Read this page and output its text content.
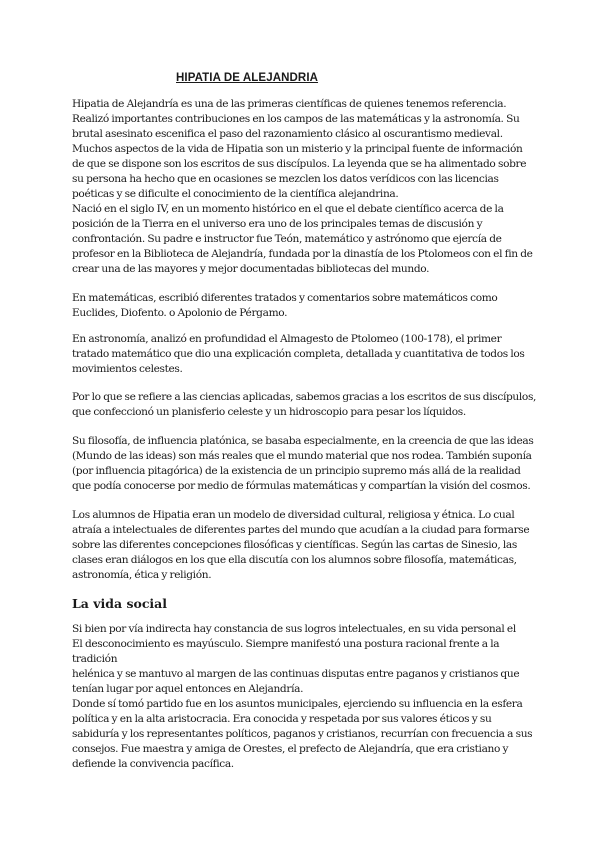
HIPATIA DE ALEJANDRIA
Hipatia de Alejandría es una de las primeras científicas de quienes tenemos referencia.
Realizó importantes contribuciones en los campos de las matemáticas y la astronomía. Su
brutal asesinato escenifica el paso del razonamiento clásico al oscurantismo medieval.
Muchos aspectos de la vida de Hipatia son un misterio y la principal fuente de información
de que se dispone son los escritos de sus discípulos. La leyenda que se ha alimentado sobre
su persona ha hecho que en ocasiones se mezclen los datos verídicos con las licencias
poéticas y se dificulte el conocimiento de la científica alejandrina.
Nació en el siglo IV, en un momento histórico en el que el debate científico acerca de la
posición de la Tierra en el universo era uno de los principales temas de discusión y
confrontación. Su padre e instructor fue Teón, matemático y astrónomo que ejercía de
profesor en la Biblioteca de Alejandría, fundada por la dinastía de los Ptolomeos con el fin de
crear una de las mayores y mejor documentadas bibliotecas del mundo.
En matemáticas, escribió diferentes tratados y comentarios sobre matemáticos como
Euclides, Diofento. o Apolonio de Pérgamo.
En astronomía, analizó en profundidad el Almagesto de Ptolomeo (100-178), el primer
tratado matemático que dio una explicación completa, detallada y cuantitativa de todos los
movimientos celestes.
Por lo que se refiere a las ciencias aplicadas, sabemos gracias a los escritos de sus discípulos,
que confeccionó un planisferio celeste y un hidroscopio para pesar los líquidos.
Su filosofía, de influencia platónica, se basaba especialmente, en la creencia de que las ideas
(Mundo de las ideas) son más reales que el mundo material que nos rodea. También suponía
(por influencia pitagórica) de la existencia de un principio supremo más allá de la realidad
que podía conocerse por medio de fórmulas matemáticas y compartían la visión del cosmos.
Los alumnos de Hipatia eran un modelo de diversidad cultural, religiosa y étnica. Lo cual
atraía a intelectuales de diferentes partes del mundo que acudían a la ciudad para formarse
sobre las diferentes concepciones filosóficas y científicas. Según las cartas de Sinesio, las
clases eran diálogos en los que ella discutía con los alumnos sobre filosofía, matemáticas,
astronomía, ética y religión.
La vida social
Si bien por vía indirecta hay constancia de sus logros intelectuales, en su vida personal el
El desconocimiento es mayúsculo. Siempre manifestó una postura racional frente a la
tradición
helénica y se mantuvo al margen de las continuas disputas entre paganos y cristianos que
tenían lugar por aquel entonces en Alejandría.
Donde sí tomó partido fue en los asuntos municipales, ejerciendo su influencia en la esfera
política y en la alta aristocracia. Era conocida y respetada por sus valores éticos y su
sabiduría y los representantes políticos, paganos y cristianos, recurrían con frecuencia a sus
consejos. Fue maestra y amiga de Orestes, el prefecto de Alejandría, que era cristiano y
defiende la convivencia pacífica.
